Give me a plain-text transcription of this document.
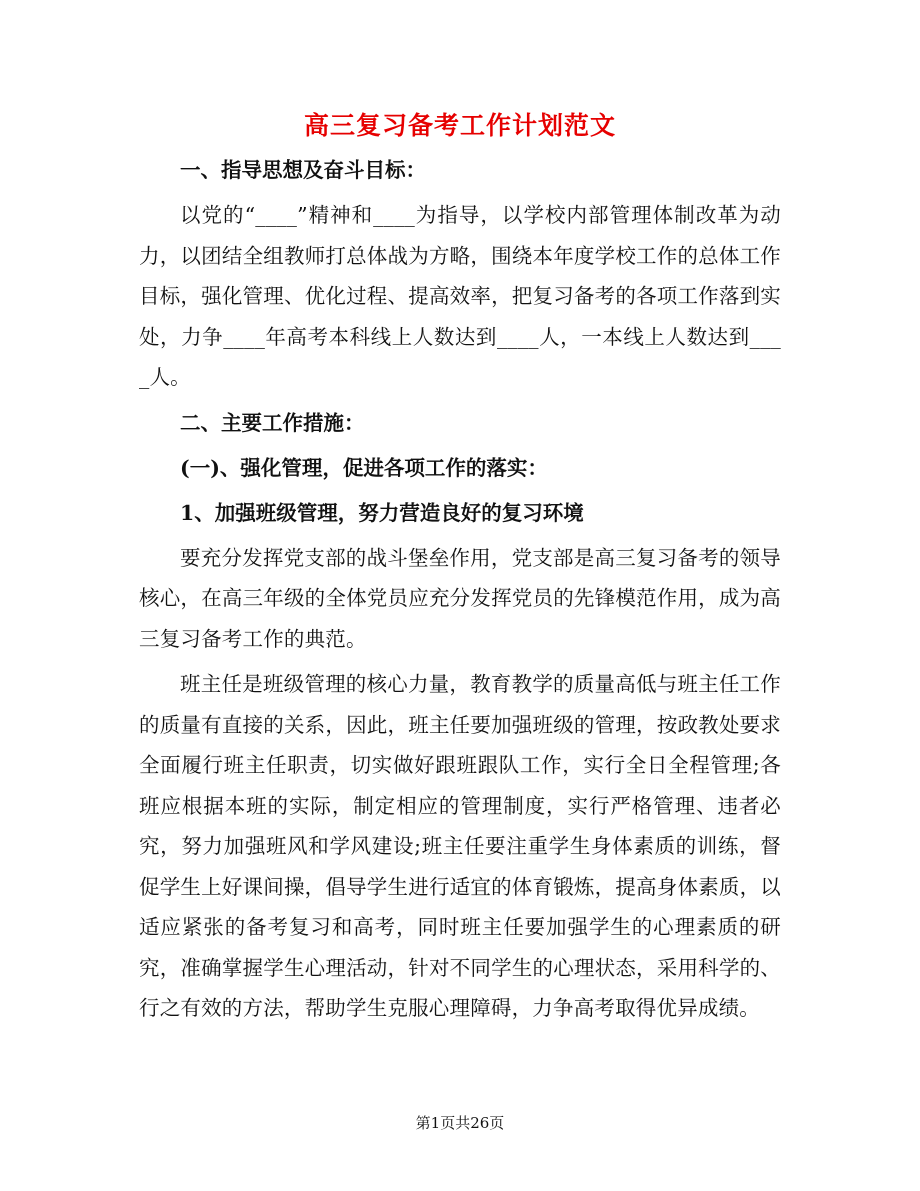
高三复习备考工作计划范文
一、指导思想及奋斗目标：
以党的“____”精神和____为指导，以学校内部管理体制改革为动力，以团结全组教师打总体战为方略，围绕本年度学校工作的总体工作目标，强化管理、优化过程、提高效率，把复习备考的各项工作落到实处，力争____年高考本科线上人数达到____人，一本线上人数达到____人。
二、主要工作措施：
(一)、强化管理，促进各项工作的落实：
1、加强班级管理，努力营造良好的复习环境
要充分发挥党支部的战斗堡垒作用，党支部是高三复习备考的领导核心，在高三年级的全体党员应充分发挥党员的先锋模范作用，成为高三复习备考工作的典范。
班主任是班级管理的核心力量，教育教学的质量高低与班主任工作的质量有直接的关系，因此，班主任要加强班级的管理，按政教处要求全面履行班主任职责，切实做好跟班跟队工作，实行全日全程管理;各班应根据本班的实际，制定相应的管理制度，实行严格管理、违者必究，努力加强班风和学风建设;班主任要注重学生身体素质的训练，督促学生上好课间操，倡导学生进行适宜的体育锻炼，提高身体素质，以适应紧张的备考复习和高考，同时班主任要加强学生的心理素质的研究，准确掌握学生心理活动，针对不同学生的心理状态，采用科学的、行之有效的方法，帮助学生克服心理障碍，力争高考取得优异成绩。
第1页共26页
